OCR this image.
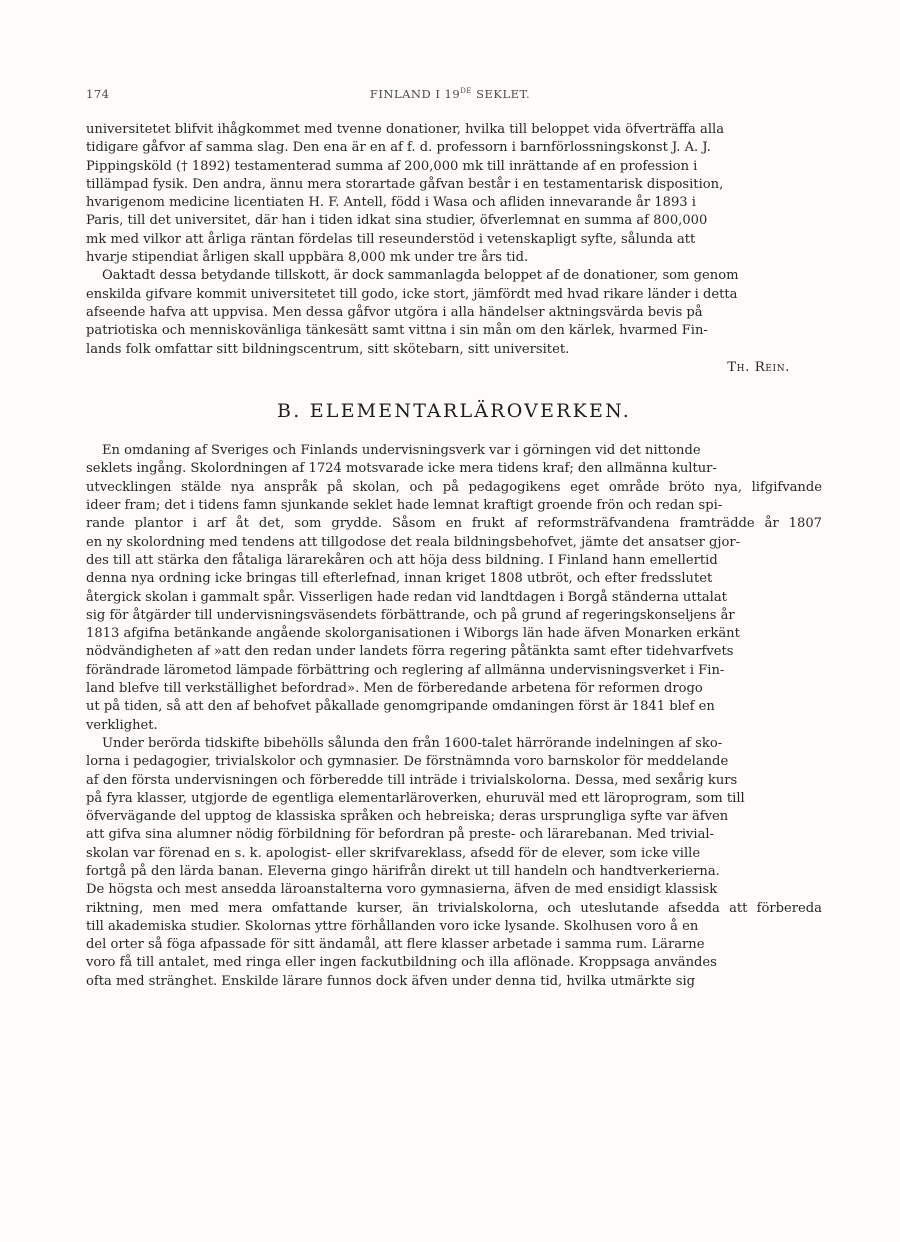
174	FINLAND I 19DE SEKLET.
universitetet blifvit ihågkommet med tvenne donationer, hvilka till beloppet vida öfverträffa alla
tidigare gåfvor af samma slag. Den ena är en af f. d. professorn i barnförlossningskonst J. A. J.
Pippingsköld († 1892) testamenterad summa af 200,000 mk till inrättande af en profession i
tillämpad fysik. Den andra, ännu mera storartade gåfvan består i en testamentarisk disposition,
hvarigenom medicine licentiaten H. F. Antell, född i Wasa och afliden innevarande år 1893 i
Paris, till det universitet, där han i tiden idkat sina studier, öfverlemnat en summa af 800,000
mk med vilkor att årliga räntan fördelas till reseunderstöd i vetenskapligt syfte, sålunda att
hvarje stipendiat årligen skall uppbära 8,000 mk under tre års tid.
Oaktadt dessa betydande tillskott, är dock sammanlagda beloppet af de donationer, som genom
enskilda gifvare kommit universitetet till godo, icke stort, jämfördt med hvad rikare länder i detta
afseende hafva att uppvisa. Men dessa gåfvor utgöra i alla händelser aktningsvärda bevis på
patriotiska och menniskovänliga tänkesätt samt vittna i sin mån om den kärlek, hvarmed Fin-
lands folk omfattar sitt bildningscentrum, sitt skötebarn, sitt universitet.
Th. Rein.
B. ELEMENTARLÄROVERKEN.
En omdaning af Sveriges och Finlands undervisningsverk var i görningen vid det nittonde
seklets ingång. Skolordningen af 1724 motsvarade icke mera tidens kraf; den allmänna kultur-
utvecklingen stälde nya anspråk på skolan, och på pedagogikens eget område bröto nya, lifgifvande
ideer fram; det i tidens famn sjunkande seklet hade lemnat kraftigt groende frön och redan spi-
rande plantor i arf åt det, som grydde. Såsom en frukt af reformsträfvandena framträdde år 1807
en ny skolordning med tendens att tillgodose det reala bildningsbehofvet, jämte det ansatser gjor-
des till att stärka den fåtaliga lärarekåren och att höja dess bildning. I Finland hann emellertid
denna nya ordning icke bringas till efterlefnad, innan kriget 1808 utbröt, och efter fredsslutet
återgick skolan i gammalt spår. Visserligen hade redan vid landtdagen i Borgå ständerna uttalat
sig för åtgärder till undervisningsväsendets förbättrande, och på grund af regeringskonseljens år
1813 afgifna betänkande angående skolorganisationen i Wiborgs län hade äfven Monarken erkänt
nödvändigheten af »att den redan under landets förra regering påtänkta samt efter tidehvarfvets
förändrade lärometod lämpade förbättring och reglering af allmänna undervisningsverket i Fin-
land blefve till verkställighet befordrad». Men de förberedande arbetena för reformen drogo
ut på tiden, så att den af behofvet påkallade genomgripande omdaningen först är 1841 blef en
verklighet.
Under berörda tidskifte bibehölls sålunda den från 1600-talet härrörande indelningen af sko-
lorna i pedagogier, trivialskolor och gymnasier. De förstnämnda voro barnskolor för meddelande
af den första undervisningen och förberedde till inträde i trivialskolorna. Dessa, med sexårig kurs
på fyra klasser, utgjorde de egentliga elementarläroverken, ehuruväl med ett läroprogram, som till
öfvervägande del upptog de klassiska språken och hebreiska; deras ursprungliga syfte var äfven
att gifva sina alumner nödig förbildning för befordran på preste- och lärarebanan. Med trivial-
skolan var förenad en s. k. apologist- eller skrifvareklass, afsedd för de elever, som icke ville
fortgå på den lärda banan. Eleverna gingo härifrån direkt ut till handeln och handtverkerierna.
De högsta och mest ansedda läroanstalterna voro gymnasierna, äfven de med ensidigt klassisk
riktning, men med mera omfattande kurser, än trivialskolorna, och uteslutande afsedda att förbereda
till akademiska studier. Skolornas yttre förhållanden voro icke lysande. Skolhusen voro å en
del orter så föga afpassade för sitt ändamål, att flere klasser arbetade i samma rum. Lärarne
voro få till antalet, med ringa eller ingen fackutbildning och illa aflönade. Kroppsaga användes
ofta med stränghet. Enskilde lärare funnos dock äfven under denna tid, hvilka utmärkte sig
